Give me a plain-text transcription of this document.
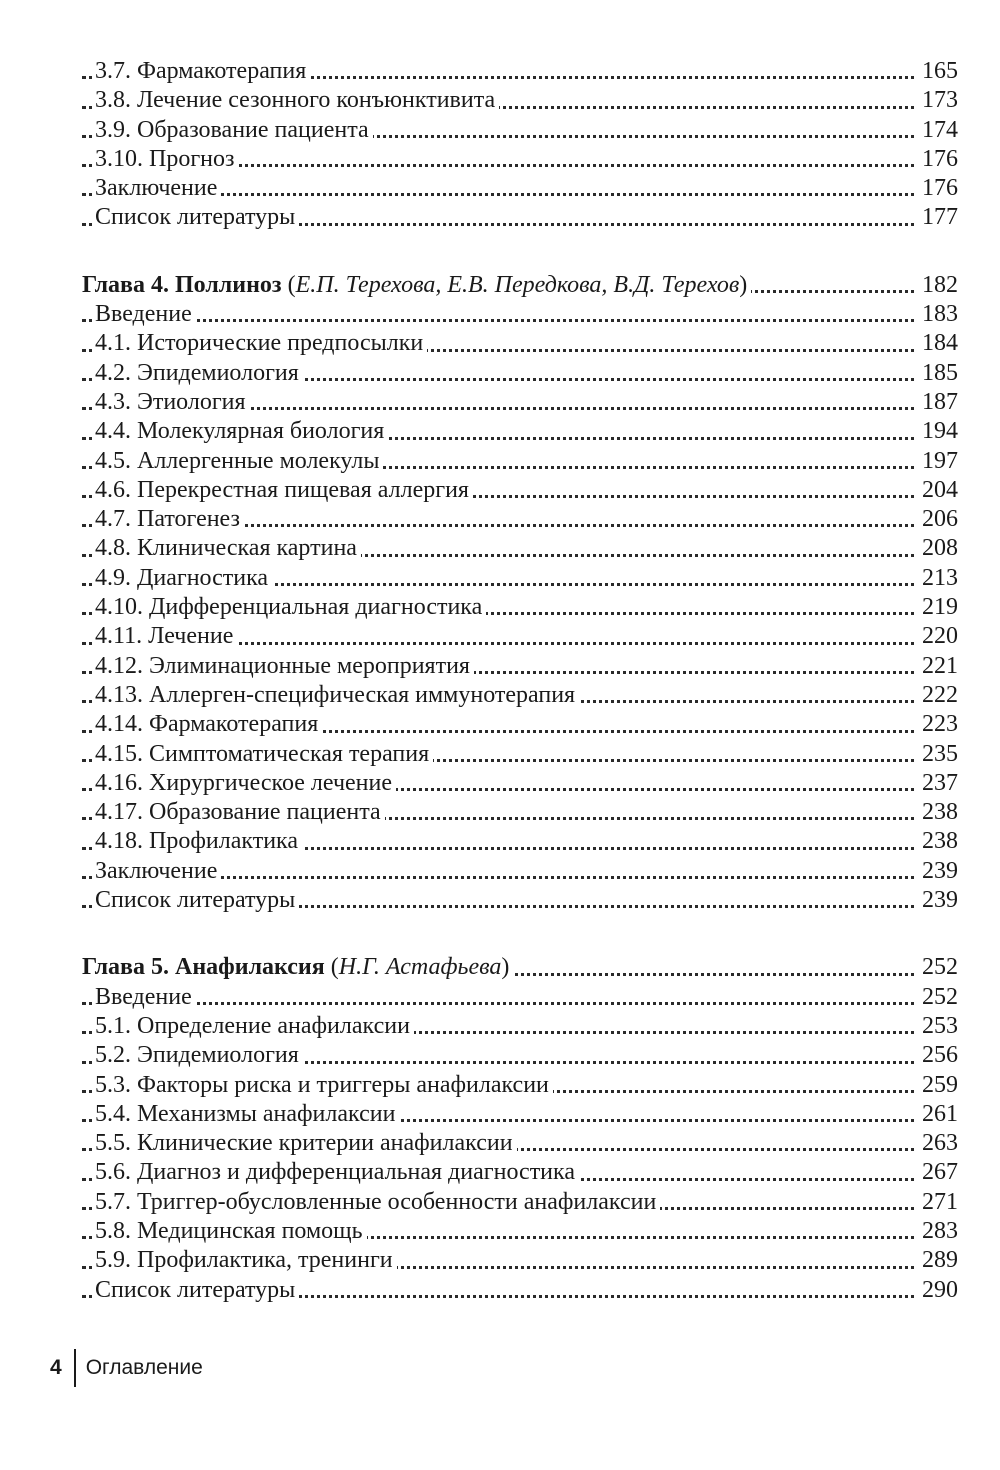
3.7. Фармакотерапия	165
3.8. Лечение сезонного конъюнктивита	173
3.9. Образование пациента	174
3.10. Прогноз	176
Заключение	176
Список литературы	177
Глава 4. Поллиноз (Е.П. Терехова, Е.В. Передкова, В.Д. Терехов)	182
Введение	183
4.1. Исторические предпосылки	184
4.2. Эпидемиология	185
4.3. Этиология	187
4.4. Молекулярная биология	194
4.5. Аллергенные молекулы	197
4.6. Перекрестная пищевая аллергия	204
4.7. Патогенез	206
4.8. Клиническая картина	208
4.9. Диагностика	213
4.10. Дифференциальная диагностика	219
4.11. Лечение	220
4.12. Элиминационные мероприятия	221
4.13. Аллерген-специфическая иммунотерапия	222
4.14. Фармакотерапия	223
4.15. Симптоматическая терапия	235
4.16. Хирургическое лечение	237
4.17. Образование пациента	238
4.18. Профилактика	238
Заключение	239
Список литературы	239
Глава 5. Анафилаксия (Н.Г. Астафьева)	252
Введение	252
5.1. Определение анафилаксии	253
5.2. Эпидемиология	256
5.3. Факторы риска и триггеры анафилаксии	259
5.4. Механизмы анафилаксии	261
5.5. Клинические критерии анафилаксии	263
5.6. Диагноз и дифференциальная диагностика	267
5.7. Триггер-обусловленные особенности анафилаксии	271
5.8. Медицинская помощь	283
5.9. Профилактика, тренинги	289
Список литературы	290
4	Оглавление
